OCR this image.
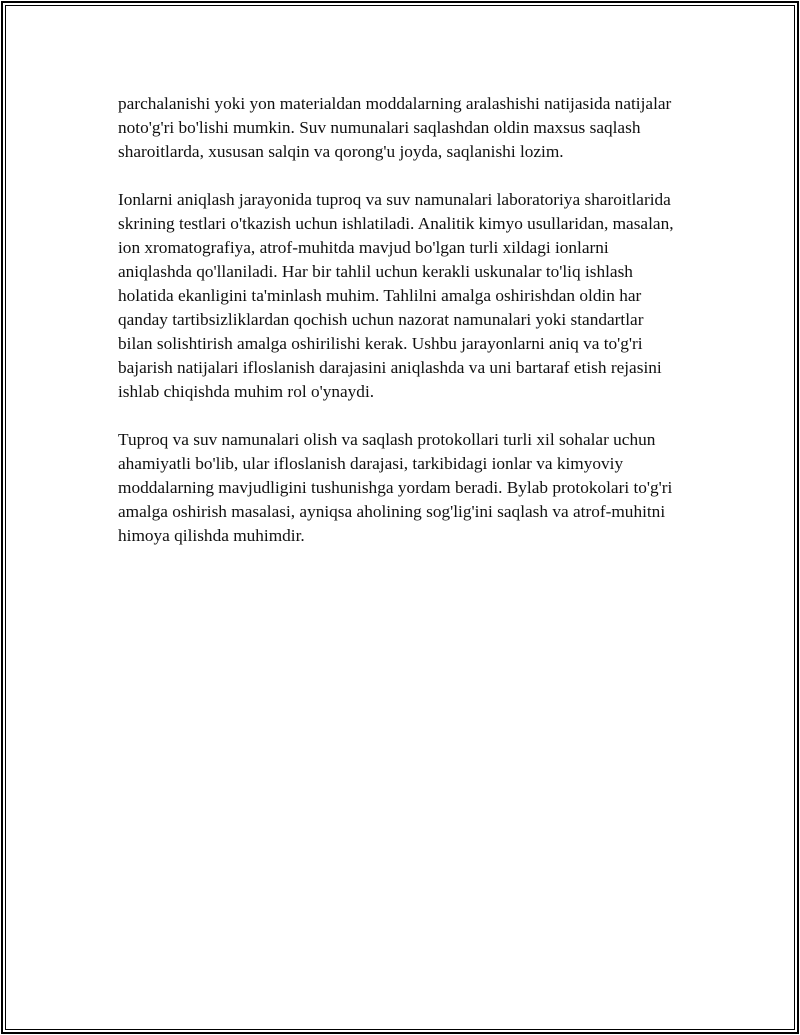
parchalanishi yoki yon materialdan moddalarning aralashishi natijasida natijalar noto'g'ri bo'lishi mumkin. Suv numunalari saqlashdan oldin maxsus saqlash sharoitlarda, xususan salqin va qorong'u joyda, saqlanishi lozim.

Ionlarni aniqlash jarayonida tuproq va suv namunalari laboratoriya sharoitlarida skrining testlari o'tkazish uchun ishlatiladi. Analitik kimyo usullaridan, masalan, ion xromatografiya, atrof-muhitda mavjud bo'lgan turli xildagi ionlarni aniqlashda qo'llaniladi. Har bir tahlil uchun kerakli uskunalar to'liq ishlash holatida ekanligini ta'minlash muhim. Tahlilni amalga oshirishdan oldin har qanday tartibsizliklardan qochish uchun nazorat namunalari yoki standartlar bilan solishtirish amalga oshirilishi kerak. Ushbu jarayonlarni aniq va to'g'ri bajarish natijalari ifloslanish darajasini aniqlashda va uni bartaraf etish rejasini ishlab chiqishda muhim rol o'ynaydi.

Tuproq va suv namunalari olish va saqlash protokollari turli xil sohalar uchun ahamiyatli bo'lib, ular ifloslanish darajasi, tarkibidagi ionlar va kimyoviy moddalarning mavjudligini tushunishga yordam beradi. Bylab protokolari to'g'ri amalga oshirish masalasi, ayniqsa aholining sog'lig'ini saqlash va atrof-muhitni himoya qilishda muhimdir.
